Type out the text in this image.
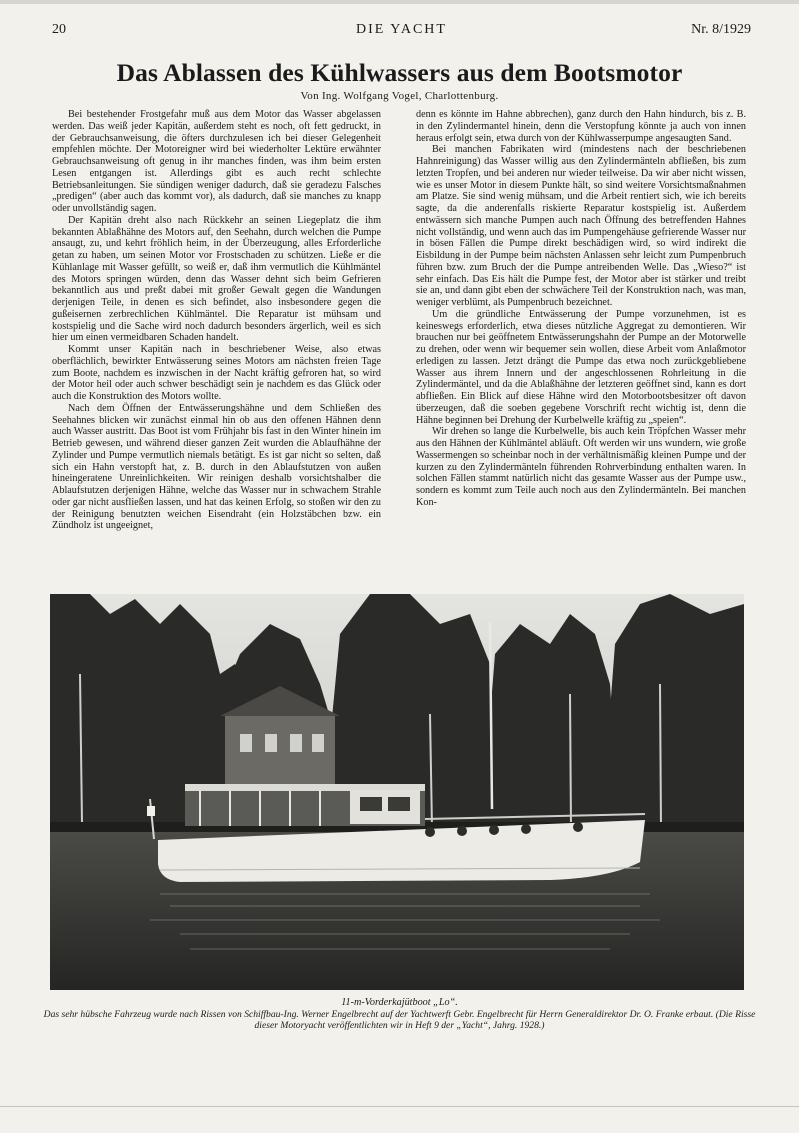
20	DIE YACHT	Nr. 8/1929
Das Ablassen des Kühlwassers aus dem Bootsmotor
Von Ing. Wolfgang Vogel, Charlottenburg.

Bei bestehender Frostgefahr muß aus dem Motor das Wasser abgelassen werden. Das weiß jeder Kapitän, außerdem steht es noch, oft fett gedruckt, in der Gebrauchsanweisung, die öfters durchzulesen ich bei dieser Gelegenheit empfehlen möchte. Der Motoreigner wird bei wiederholter Lektüre erwähnter Gebrauchsanweisung oft genug in ihr manches finden, was ihm beim ersten Lesen entgangen ist. Allerdings gibt es auch recht schlechte Betriebsanleitungen. Sie sündigen weniger dadurch, daß sie geradezu Falsches „predigen“ (aber auch das kommt vor), als dadurch, daß sie manches zu knapp oder unvollständig sagen.

Der Kapitän dreht also nach Rückkehr an seinen Liegeplatz die ihm bekannten Ablaßhähne des Motors auf, den Seehahn, durch welchen die Pumpe ansaugt, zu, und kehrt fröhlich heim, in der Überzeugung, alles Erforderliche getan zu haben, um seinen Motor vor Frostschaden zu schützen. Ließe er die Kühlanlage mit Wasser gefüllt, so weiß er, daß ihm vermutlich die Kühlmäntel des Motors springen würden, denn das Wasser dehnt sich beim Gefrieren bekanntlich aus und preßt dabei mit großer Gewalt gegen die Wandungen derjenigen Teile, in denen es sich befindet, also insbesondere gegen die gußeisernen zerbrechlichen Kühlmäntel. Die Reparatur ist mühsam und kostspielig und die Sache wird noch dadurch besonders ärgerlich, weil es sich hier um einen vermeidbaren Schaden handelt.

Kommt unser Kapitän nach in beschriebener Weise, also etwas oberflächlich, bewirkter Entwässerung seines Motors am nächsten freien Tage zum Boote, nachdem es inzwischen in der Nacht kräftig gefroren hat, so wird der Motor heil oder auch schwer beschädigt sein je nachdem es das Glück oder auch die Konstruktion des Motors wollte.

Nach dem Öffnen der Entwässerungshähne und dem Schließen des Seehahnes blicken wir zunächst einmal hin ob aus den offenen Hähnen denn auch Wasser austritt. Das Boot ist vom Frühjahr bis fast in den Winter hinein im Betrieb gewesen, und während dieser ganzen Zeit wurden die Ablaufhähne der Zylinder und Pumpe vermutlich niemals betätigt. Es ist gar nicht so selten, daß sich ein Hahn verstopft hat, z. B. durch in den Ablaufstutzen von außen hineingeratene Unreinlichkeiten. Wir reinigen deshalb vorsichtshalber die Ablaufstutzen derjenigen Hähne, welche das Wasser nur in schwachem Strahle oder gar nicht ausfließen lassen, und hat das keinen Erfolg, so stoßen wir den zu der Reinigung benutzten weichen Eisendraht (ein Holzstäbchen bzw. ein Zündholz ist ungeeignet,

denn es könnte im Hahne abbrechen), ganz durch den Hahn hindurch, bis z. B. in den Zylindermantel hinein, denn die Verstopfung könnte ja auch von innen heraus erfolgt sein, etwa durch von der Kühlwasserpumpe angesaugten Sand.

Bei manchen Fabrikaten wird (mindestens nach der beschriebenen Hahnreinigung) das Wasser willig aus den Zylindermänteln abfließen, bis zum letzten Tropfen, und bei anderen nur wieder teilweise. Da wir aber nicht wissen, wie es unser Motor in diesem Punkte hält, so sind weitere Vorsichtsmaßnahmen am Platze. Sie sind wenig mühsam, und die Arbeit rentiert sich, wie ich bereits sagte, da die anderenfalls riskierte Reparatur kostspielig ist. Außerdem entwässern sich manche Pumpen auch nach Öffnung des betreffenden Hahnes nicht vollständig, und wenn auch das im Pumpengehäuse gefrierende Wasser nur in bösen Fällen die Pumpe direkt beschädigen wird, so wird indirekt die Eisbildung in der Pumpe beim nächsten Anlassen sehr leicht zum Pumpenbruch führen bzw. zum Bruch der die Pumpe antreibenden Welle. Das „Wieso?“ ist sehr einfach. Das Eis hält die Pumpe fest, der Motor aber ist stärker und treibt sie an, und dann gibt eben der schwächere Teil der Konstruktion nach, was man, weniger verblümt, als Pumpenbruch bezeichnet.

Um die gründliche Entwässerung der Pumpe vorzunehmen, ist es keineswegs erforderlich, etwa dieses nützliche Aggregat zu demontieren. Wir brauchen nur bei geöffnetem Entwässerungshahn der Pumpe an der Motorwelle zu drehen, oder wenn wir bequemer sein wollen, diese Arbeit vom Anlaßmotor erledigen zu lassen. Jetzt drängt die Pumpe das etwa noch zurückgebliebene Wasser aus ihrem Innern und der angeschlossenen Rohrleitung in die Zylindermäntel, und da die Ablaßhähne der letzteren geöffnet sind, kann es dort abfließen. Ein Blick auf diese Hähne wird den Motorbootsbesitzer oft davon überzeugen, daß die soeben gegebene Vorschrift recht wichtig ist, denn die Hähne beginnen bei Drehung der Kurbelwelle kräftig zu „speien“.

Wir drehen so lange die Kurbelwelle, bis auch kein Tröpfchen Wasser mehr aus den Hähnen der Kühlmäntel abläuft. Oft werden wir uns wundern, wie große Wassermengen so scheinbar noch in der verhältnismäßig kleinen Pumpe und der kurzen zu den Zylindermänteln führenden Rohrverbindung enthalten waren. In solchen Fällen stammt natürlich nicht das gesamte Wasser aus der Pumpe usw., sondern es kommt zum Teile auch noch aus den Zylindermänteln. Bei manchen Kon-

11-m-Vorderkajütboot „Lo“.
Das sehr hübsche Fahrzeug wurde nach Rissen von Schiffbau-Ing. Werner Engelbrecht auf der Yachtwerft Gebr. Engelbrecht für Herrn Generaldirektor Dr. O. Franke erbaut. (Die Risse dieser Motoryacht veröffentlichten wir in Heft 9 der „Yacht“, Jahrg. 1928.)
